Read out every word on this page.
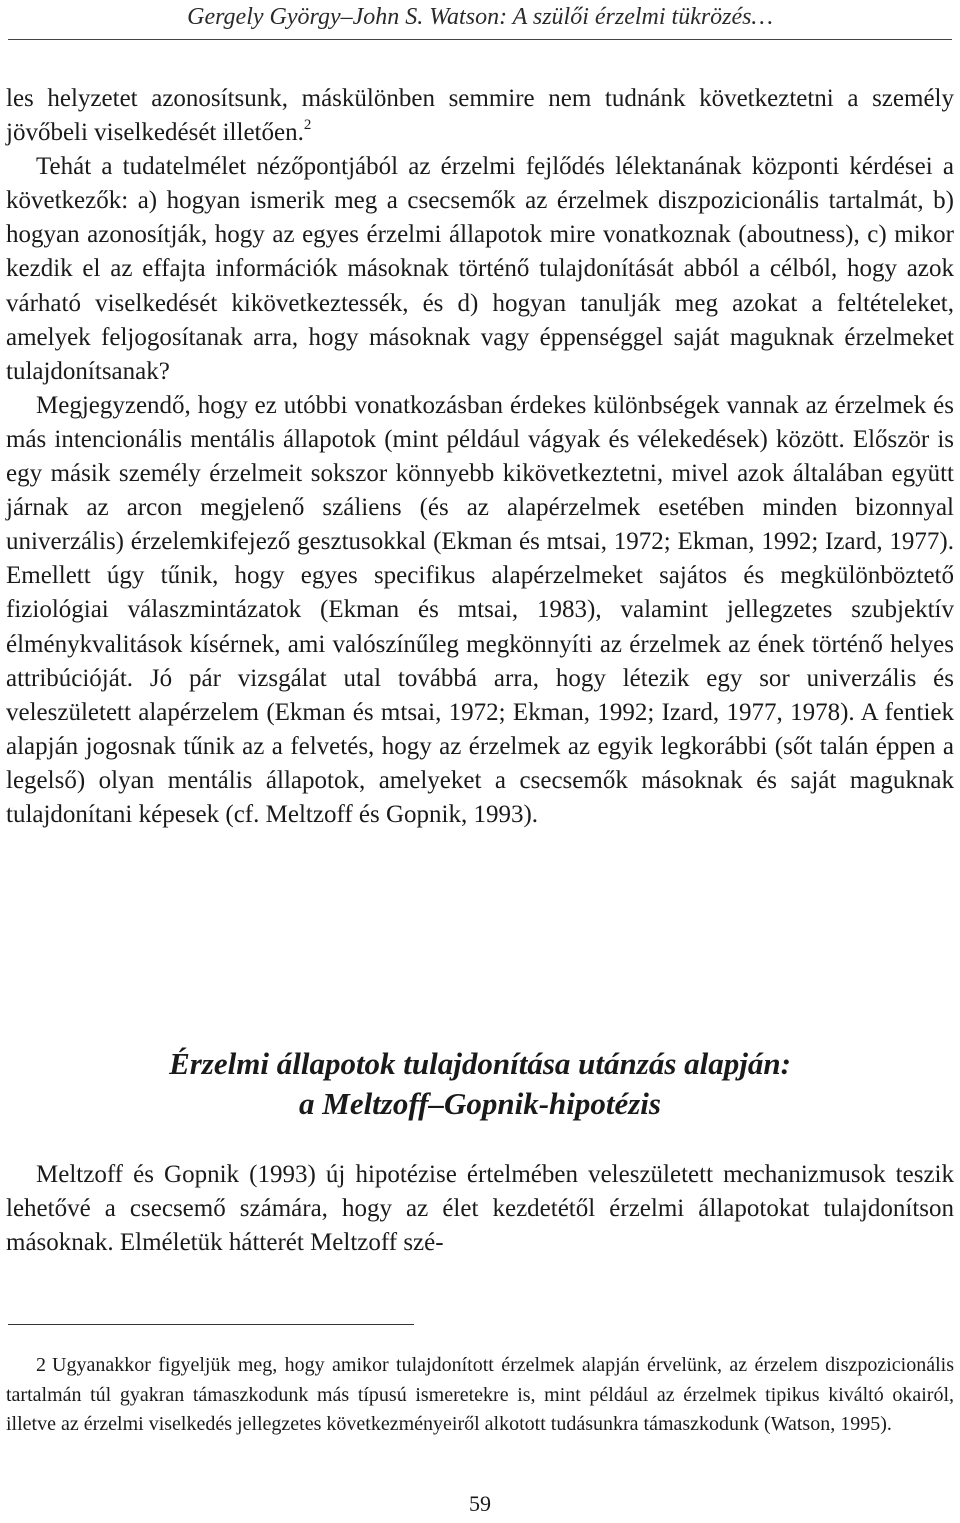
Gergely György–John S. Watson: A szülői érzelmi tükrözés…

les helyzetet azonosítsunk, máskülönben semmire nem tudnánk következtetni a személy jövőbeli viselkedését illetően.$^2$

Tehát a tudatelmélet nézőpontjából az érzelmi fejlődés lélektanának központi kérdései a következők: a) hogyan ismerik meg a csecsemők az érzelmek diszpozicionális tartalmát, b) hogyan azonosítják, hogy az egyes érzelmi állapotok mire vonatkoznak (aboutness), c) mikor kezdik el az effajta információk másoknak történő tulajdonítását abból a célból, hogy azok várható viselkedését kikövetkeztessék, és d) hogyan tanulják meg azokat a feltételeket, amelyek feljogosítanak arra, hogy másoknak vagy éppenséggel saját maguknak érzelmeket tulajdonítsanak?

Megjegyzendő, hogy ez utóbbi vonatkozásban érdekes különbségek vannak az érzelmek és más intencionális mentális állapotok (mint például vágyak és vélekedések) között. Először is egy másik személy érzelmeit sokszor könnyebb kikövetkeztetni, mivel azok általában együtt járnak az arcon megjelenő száliens (és az alapérzelmek esetében minden bizonnyal univerzális) érzelemkifejező gesztusokkal (Ekman és mtsai, 1972; Ekman, 1992; Izard, 1977). Emellett úgy tűnik, hogy egyes specifikus alapérzelmeket sajátos és megkülönböztető fiziológiai válaszmintázatok (Ekman és mtsai, 1983), valamint jellegzetes szubjektív élménykvalitások kísérnek, ami valószínűleg megkönnyíti az érzelmek az ének történő helyes attribúcióját. Jó pár vizsgálat utal továbbá arra, hogy létezik egy sor univerzális és veleszületett alapérzelem (Ekman és mtsai, 1972; Ekman, 1992; Izard, 1977, 1978). A fentiek alapján jogosnak tűnik az a felvetés, hogy az érzelmek az egyik legkorábbi (sőt talán éppen a legelső) olyan mentális állapotok, amelyeket a csecsemők másoknak és saját maguknak tulajdonítani képesek (cf. Meltzoff és Gopnik, 1993).

Érzelmi állapotok tulajdonítása utánzás alapján:
a Meltzoff–Gopnik-hipotézis

Meltzoff és Gopnik (1993) új hipotézise értelmében veleszületett mechanizmusok teszik lehetővé a csecsemő számára, hogy az élet kezdetétől érzelmi állapotokat tulajdonítson másoknak. Elméletük hátterét Meltzoff szé-

2 Ugyanakkor figyeljük meg, hogy amikor tulajdonított érzelmek alapján érvelünk, az érzelem diszpozicionális tartalmán túl gyakran támaszkodunk más típusú ismeretekre is, mint például az érzelmek tipikus kiváltó okairól, illetve az érzelmi viselkedés jellegzetes következményeiről alkotott tudásunkra támaszkodunk (Watson, 1995).
59
